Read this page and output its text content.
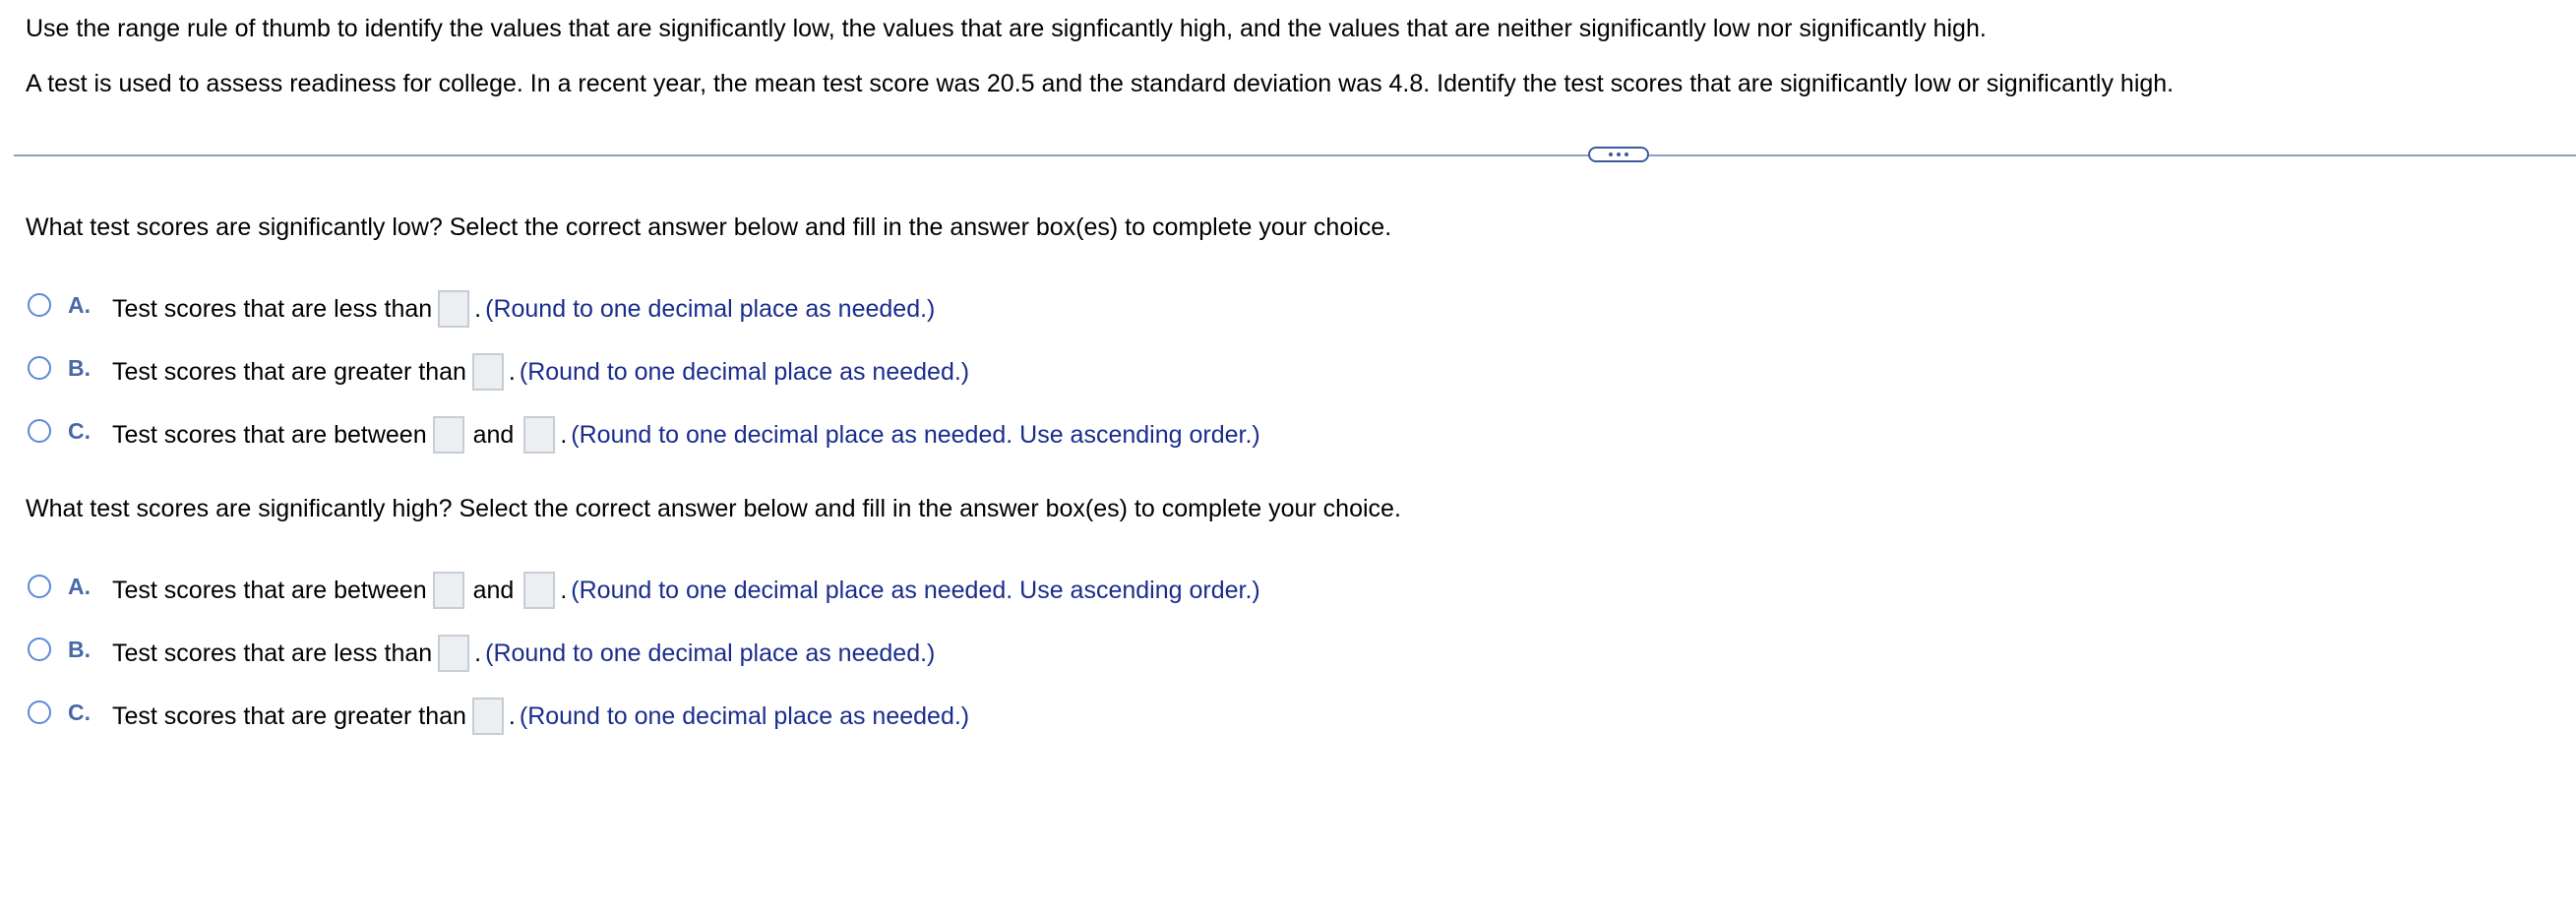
Use the range rule of thumb to identify the values that are significantly low, the values that are signficantly high, and the values that are neither significantly low nor significantly high.
A test is used to assess readiness for college. In a recent year, the mean test score was 20.5 and the standard deviation was 4.8. Identify the test scores that are significantly low or significantly high.
What test scores are significantly low? Select the correct answer below and fill in the answer box(es) to complete your choice.
A. Test scores that are less than . (Round to one decimal place as needed.)
B. Test scores that are greater than . (Round to one decimal place as needed.)
C. Test scores that are between and . (Round to one decimal place as needed. Use ascending order.)
What test scores are significantly high? Select the correct answer below and fill in the answer box(es) to complete your choice.
A. Test scores that are between and . (Round to one decimal place as needed. Use ascending order.)
B. Test scores that are less than . (Round to one decimal place as needed.)
C. Test scores that are greater than . (Round to one decimal place as needed.)
